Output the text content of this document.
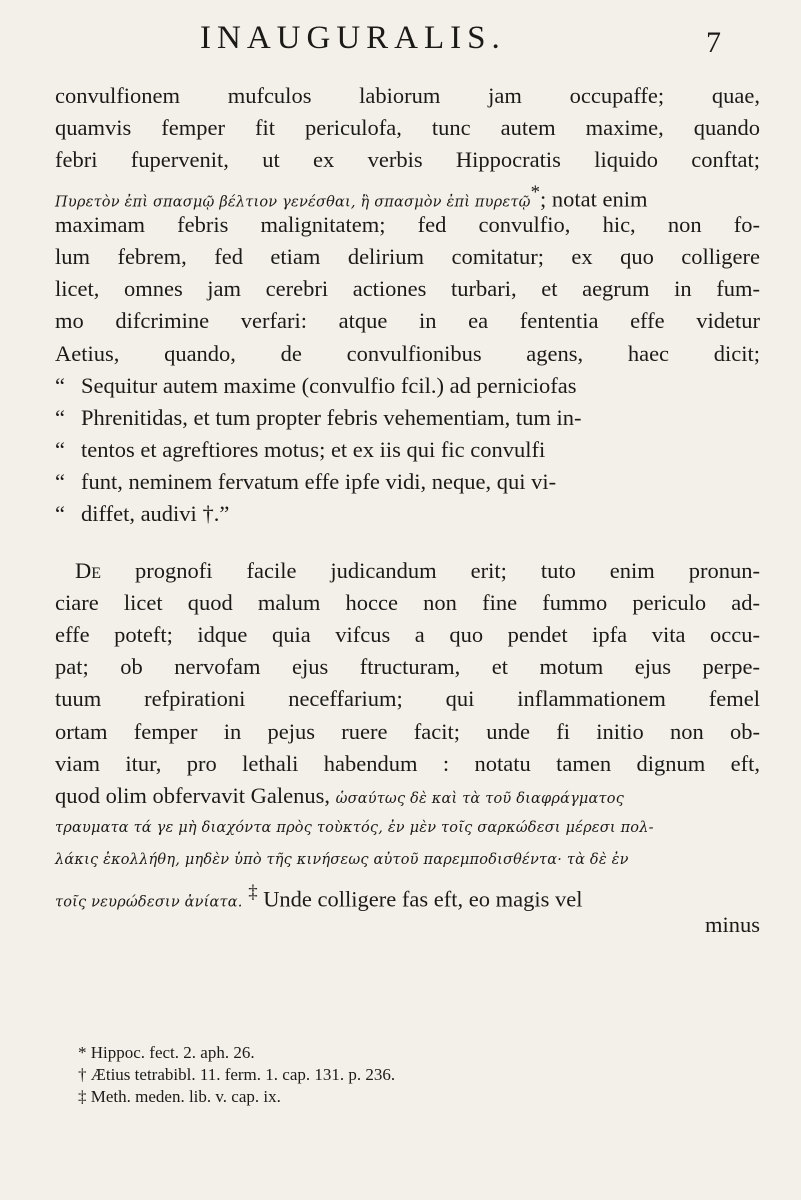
INAUGURALIS.	7
convulfionem mufculos labiorum jam occupaffe; quae,
quamvis femper fit periculofa, tunc autem maxime, quando
febri fupervenit, ut ex verbis Hippocratis liquido conftat;
Πυρετὸν ἐπὶ σπασμῷ βέλτιον γενέσθαι, ἢ σπασμὸν ἐπὶ πυρετῷ*; notat enim
maximam febris malignitatem; fed convulfio, hic, non fo-
lum febrem, fed etiam delirium comitatur; ex quo colligere
licet, omnes jam cerebri actiones turbari, et aegrum in fum-
mo difcrimine verfari: atque in ea fententia effe videtur
Aetius, quando, de convulfionibus agens, haec dicit;
“ Sequitur autem maxime (convulfio fcil.) ad perniciofas
“ Phrenitidas, et tum propter febris vehementiam, tum in-
“ tentos et agreftiores motus; et ex iis qui fic convulfi
“ funt, neminem fervatum effe ipfe vidi, neque, qui vi-
“ diffet, audivi †.”
De prognofi facile judicandum erit; tuto enim pronun-
ciare licet quod malum hocce non fine fummo periculo ad-
effe poteft; idque quia vifcus a quo pendet ipfa vita occu-
pat; ob nervofam ejus ftructuram, et motum ejus perpe-
tuum refpirationi neceffarium; qui inflammationem femel
ortam femper in pejus ruere facit; unde fi initio non ob-
viam itur, pro lethali habendum : notatu tamen dignum eft,
quod olim obfervavit Galenus, ὡσαύτως δὲ καὶ τὰ τοῦ διαφράγματος
τραυματα τά γε μὴ διαχόντα πρὸς τοὺκτός, ἐν μὲν τοῖς σαρκώδεσι μέρεσι πολ-
λάκις ἐκολλήθη, μηδὲν ὑπὸ τῆς κινήσεως αὐτοῦ παρεμποδισθέντα· τὰ δὲ ἐν
τοῖς νευρώδεσιν ἀνίατα. ‡ Unde colligere fas eft, eo magis vel
minus
* Hippoc. fect. 2. aph. 26.
† Ætius tetrabibl. 11. ferm. 1. cap. 131. p. 236.
‡ Meth. meden. lib. v. cap. ix.
